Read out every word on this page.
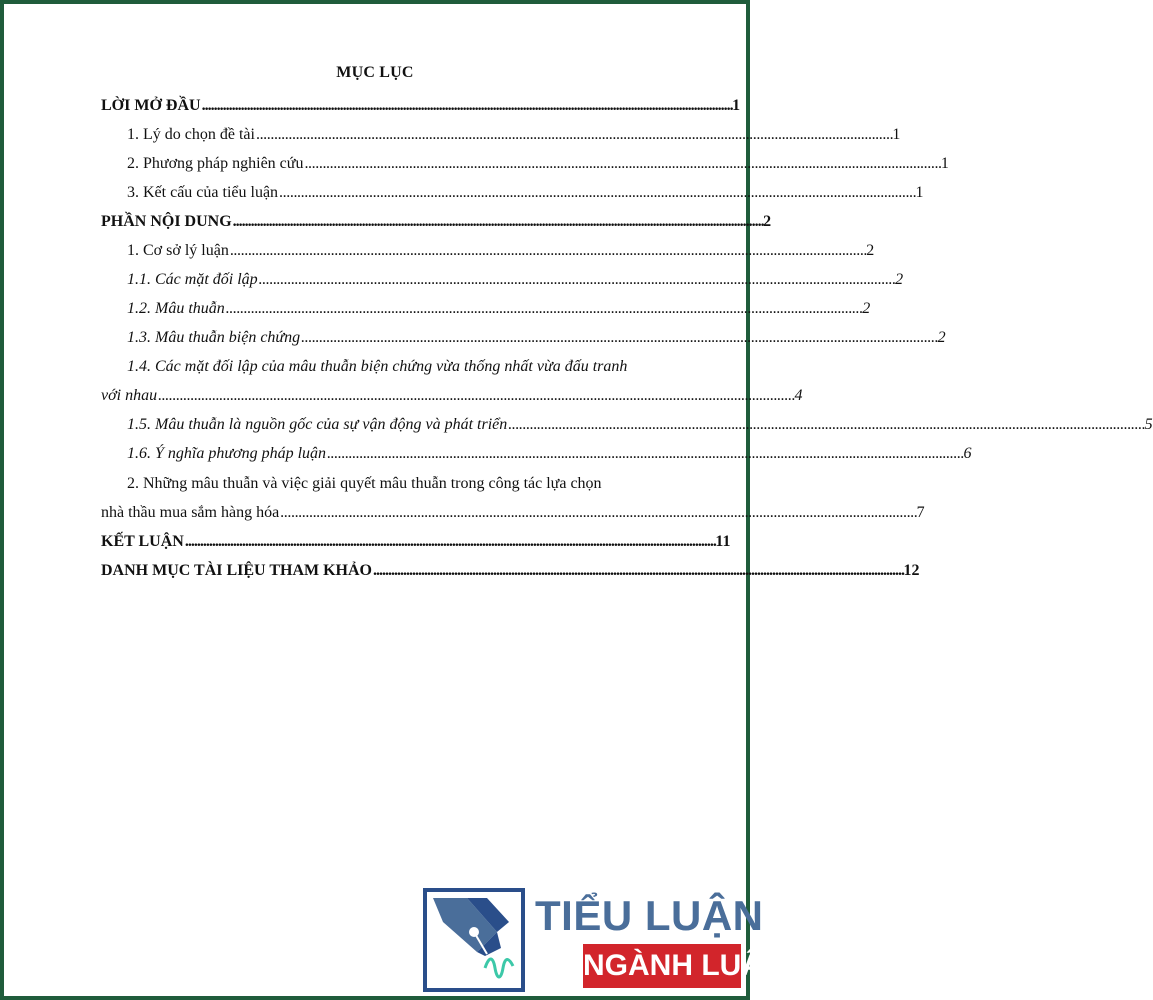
MỤC LỤC
LỜI MỞ ĐẦU . . .	1
1. Lý do chọn đề tài . . .	1
2. Phương pháp nghiên cứu . . .	1
3. Kết cấu của tiểu luận . . .	1
PHẦN NỘI DUNG . . .	2
1. Cơ sở lý luận . . .	2
1.1. Các mặt đối lập . . .	2
1.2. Mâu thuẫn . . .	2
1.3. Mâu thuẫn biện chứng . . .	2
1.4. Các mặt đối lập của mâu thuẫn biện chứng vừa thống nhất vừa đấu tranh
với nhau . . .	4
1.5. Mâu thuẫn là nguồn gốc của sự vận động và phát triển . . .	5
1.6. Ý nghĩa phương pháp luận . . .	6
2. Những mâu thuẫn và việc giải quyết mâu thuẫn trong công tác lựa chọn
nhà thầu mua sắm hàng hóa . . .	7
KẾT LUẬN . . .	11
DANH MỤC TÀI LIỆU THAM KHẢO . . .	12
TIỂU LUẬN
NGÀNH LUẬT
